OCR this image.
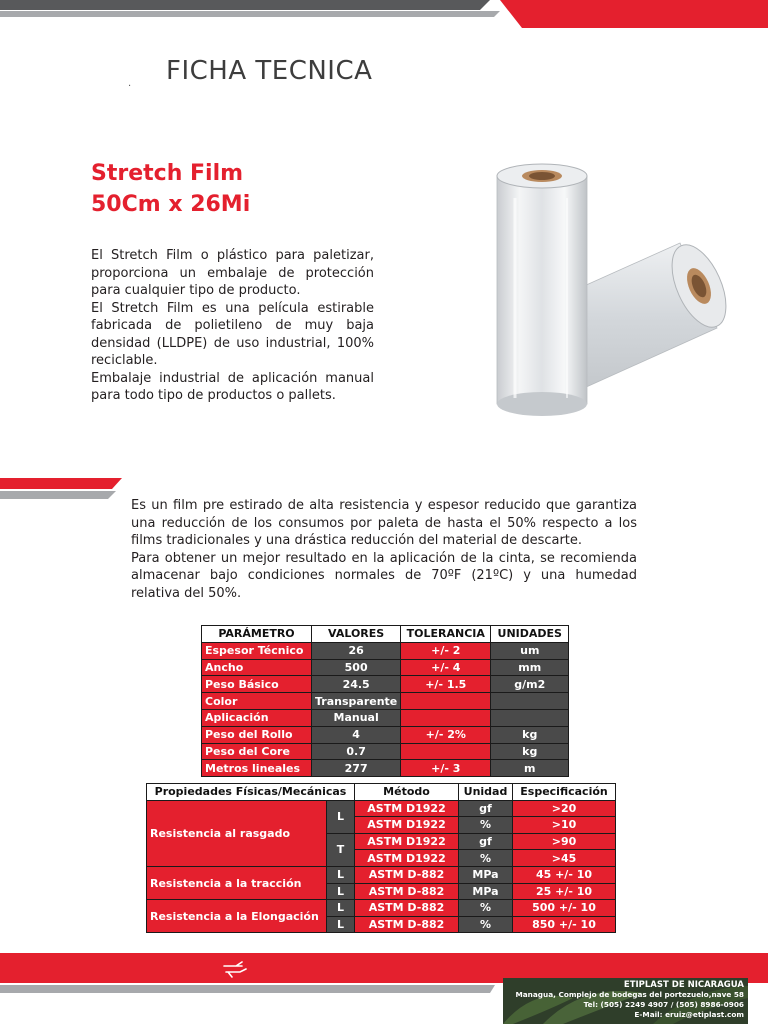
. FICHA TECNICA
Stretch Film
50Cm x 26Mi

El Stretch Film o plástico para paletizar, proporciona un embalaje de protección para cualquier tipo de producto.

El Stretch Film es una película estirable fabricada de polietileno de muy baja densidad (LLDPE) de uso industrial, 100% reciclable.

Embalaje industrial de aplicación manual para todo tipo de productos o pallets.

Es un film pre estirado de alta resistencia y espesor reducido que garantiza una reducción de los consumos por paleta de hasta el 50% respecto a los films tradicionales y una drástica reducción del material de descarte.

Para obtener un mejor resultado en la aplicación de la cinta, se recomienda almacenar bajo condiciones normales de 70ºF (21ºC) y una humedad relativa del 50%.

PARÁMETRO	VALORES	TOLERANCIA	UNIDADES
Espesor Técnico	26	+/- 2	um
Ancho	500	+/- 4	mm
Peso Básico	24.5	+/- 1.5	g/m2
Color	Transparente		
Aplicación	Manual		
Peso del Rollo	4	+/- 2%	kg
Peso del Core	0.7		kg
Metros lineales	277	+/- 3	m
Propiedades Físicas/Mecánicas		Método	Unidad	Especificación
Resistencia al rasgado	L	ASTM D1922	gf	>20
		ASTM D1922	%	>10
	T	ASTM D1922	gf	>90
		ASTM D1922	%	>45
Resistencia a la tracción	L	ASTM D-882	MPa	45 +/- 10
	L	ASTM D-882	MPa	25 +/- 10
Resistencia a la Elongación	L	ASTM D-882	%	500 +/- 10
	L	ASTM D-882	%	850 +/- 10
ETIPLAST DE NICARAGUA
Managua, Complejo de bodegas del portezuelo,nave 58
Tel: (505) 2249 4907 / (505) 8986-0906
E-Mail: eruiz@etiplast.com
